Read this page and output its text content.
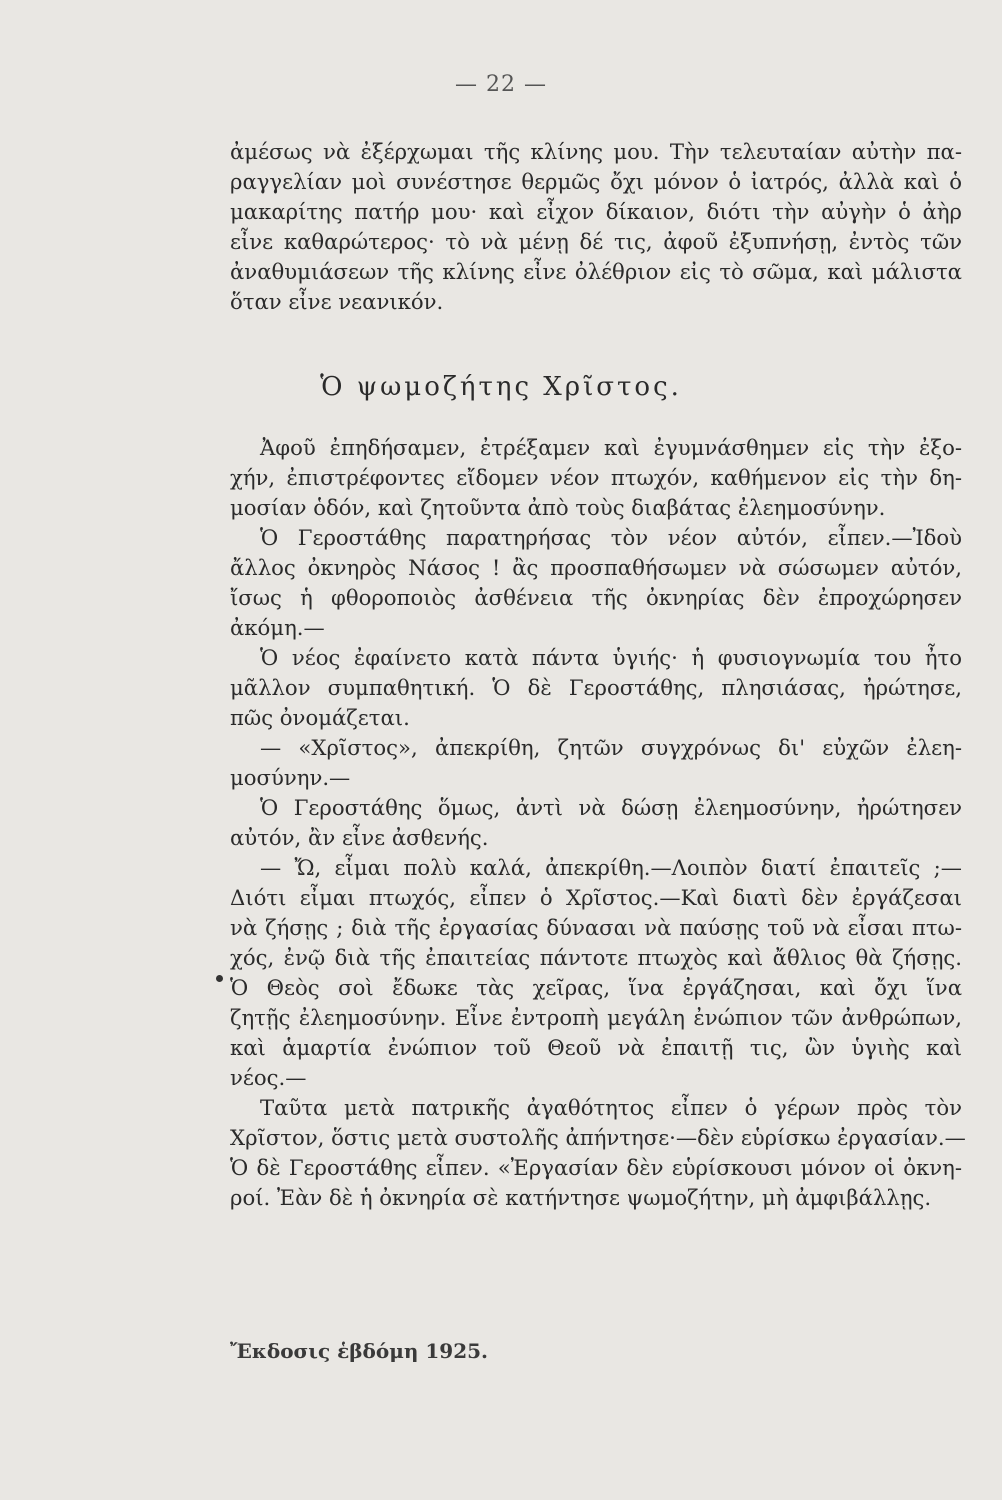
— 22 —
ἀμέσως νὰ ἐξέρχωμαι τῆς κλίνης μου. Τὴν τελευταίαν αὐτὴν πα-
ραγγελίαν μοὶ συνέστησε θερμῶς ὄχι μόνον ὁ ἰατρός, ἀλλὰ καὶ ὁ
μακαρίτης πατήρ μου· καὶ εἶχον δίκαιον, διότι τὴν αὐγὴν ὁ ἀὴρ
εἶνε καθαρώτερος· τὸ νὰ μένῃ δέ τις, ἀφοῦ ἐξυπνήσῃ, ἐντὸς τῶν
ἀναθυμιάσεων τῆς κλίνης εἶνε ὀλέθριον εἰς τὸ σῶμα, καὶ μάλιστα
ὅταν εἶνε νεανικόν.
Ὁ ψωμοζήτης Χρῖστος.
Ἀφοῦ ἐπηδήσαμεν, ἐτρέξαμεν καὶ ἐγυμνάσθημεν εἰς τὴν ἐξο-
χήν, ἐπιστρέφοντες εἴδομεν νέον πτωχόν, καθήμενον εἰς τὴν δη-
μοσίαν ὁδόν, καὶ ζητοῦντα ἀπὸ τοὺς διαβάτας ἐλεημοσύνην.
Ὁ Γεροστάθης παρατηρήσας τὸν νέον αὐτόν, εἶπεν.—Ἰδοὺ
ἄλλος ὀκνηρὸς Νάσος ! ἂς προσπαθήσωμεν νὰ σώσωμεν αὐτόν,
ἴσως ἡ φθοροποιὸς ἀσθένεια τῆς ὀκνηρίας δὲν ἐπροχώρησεν
ἀκόμη.—
Ὁ νέος ἐφαίνετο κατὰ πάντα ὑγιής· ἡ φυσιογνωμία του ἦτο
μᾶλλον συμπαθητική. Ὁ δὲ Γεροστάθης, πλησιάσας, ἠρώτησε,
πῶς ὀνομάζεται.
— «Χρῖστος», ἀπεκρίθη, ζητῶν συγχρόνως δι' εὐχῶν ἐλεη-
μοσύνην.—
Ὁ Γεροστάθης ὅμως, ἀντὶ νὰ δώσῃ ἐλεημοσύνην, ἠρώτησεν
αὐτόν, ἂν εἶνε ἀσθενής.
— Ὤ, εἶμαι πολὺ καλά, ἀπεκρίθη.—Λοιπὸν διατί ἐπαιτεῖς ;—
Διότι εἶμαι πτωχός, εἶπεν ὁ Χρῖστος.—Καὶ διατὶ δὲν ἐργάζεσαι
νὰ ζήσῃς ; διὰ τῆς ἐργασίας δύνασαι νὰ παύσῃς τοῦ νὰ εἶσαι πτω-
χός, ἐνῷ διὰ τῆς ἐπαιτείας πάντοτε πτωχὸς καὶ ἄθλιος θὰ ζήσῃς.
Ὁ Θεὸς σοὶ ἔδωκε τὰς χεῖρας, ἵνα ἐργάζησαι, καὶ ὄχι ἵνα
ζητῇς ἐλεημοσύνην. Εἶνε ἐντροπὴ μεγάλη ἐνώπιον τῶν ἀνθρώπων,
καὶ ἁμαρτία ἐνώπιον τοῦ Θεοῦ νὰ ἐπαιτῇ τις, ὢν ὑγιὴς καὶ
νέος.—
Ταῦτα μετὰ πατρικῆς ἀγαθότητος εἶπεν ὁ γέρων πρὸς τὸν
Χρῖστον, ὅστις μετὰ συστολῆς ἀπήντησε·—δὲν εὑρίσκω ἐργασίαν.—
Ὁ δὲ Γεροστάθης εἶπεν. «Ἐργασίαν δὲν εὑρίσκουσι μόνον οἱ ὀκνη-
ροί. Ἐὰν δὲ ἡ ὀκνηρία σὲ κατήντησε ψωμοζήτην, μὴ ἀμφιβάλλῃς.
Ἔκδοσις ἑβδόμη 1925.
